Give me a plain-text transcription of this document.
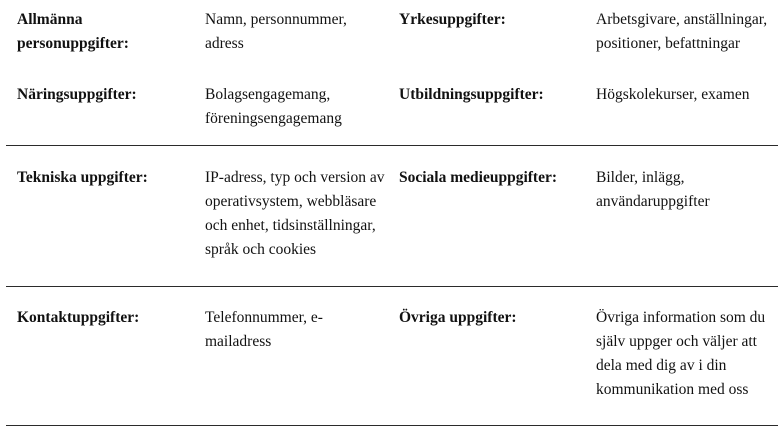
Allmänna personuppgifter:
Namn, personnummer, adress
Yrkesuppgifter:	Arbetsgivare, anställningar, positioner, befattningar
Näringsuppgifter:	Bolagsengagemang, föreningsengagemang
Utbildningsuppgifter:	Högskolekurser, examen
Tekniska uppgifter:	IP-adress, typ och version av operativsystem, webbläsare och enhet, tidsinställningar, språk och cookies
Sociala medieuppgifter:	Bilder, inlägg, användaruppgifter
Kontaktuppgifter:	Telefonnummer, e-mailadress
Övriga uppgifter:	Övriga information som du själv uppger och väljer att dela med dig av i din kommunikation med oss
